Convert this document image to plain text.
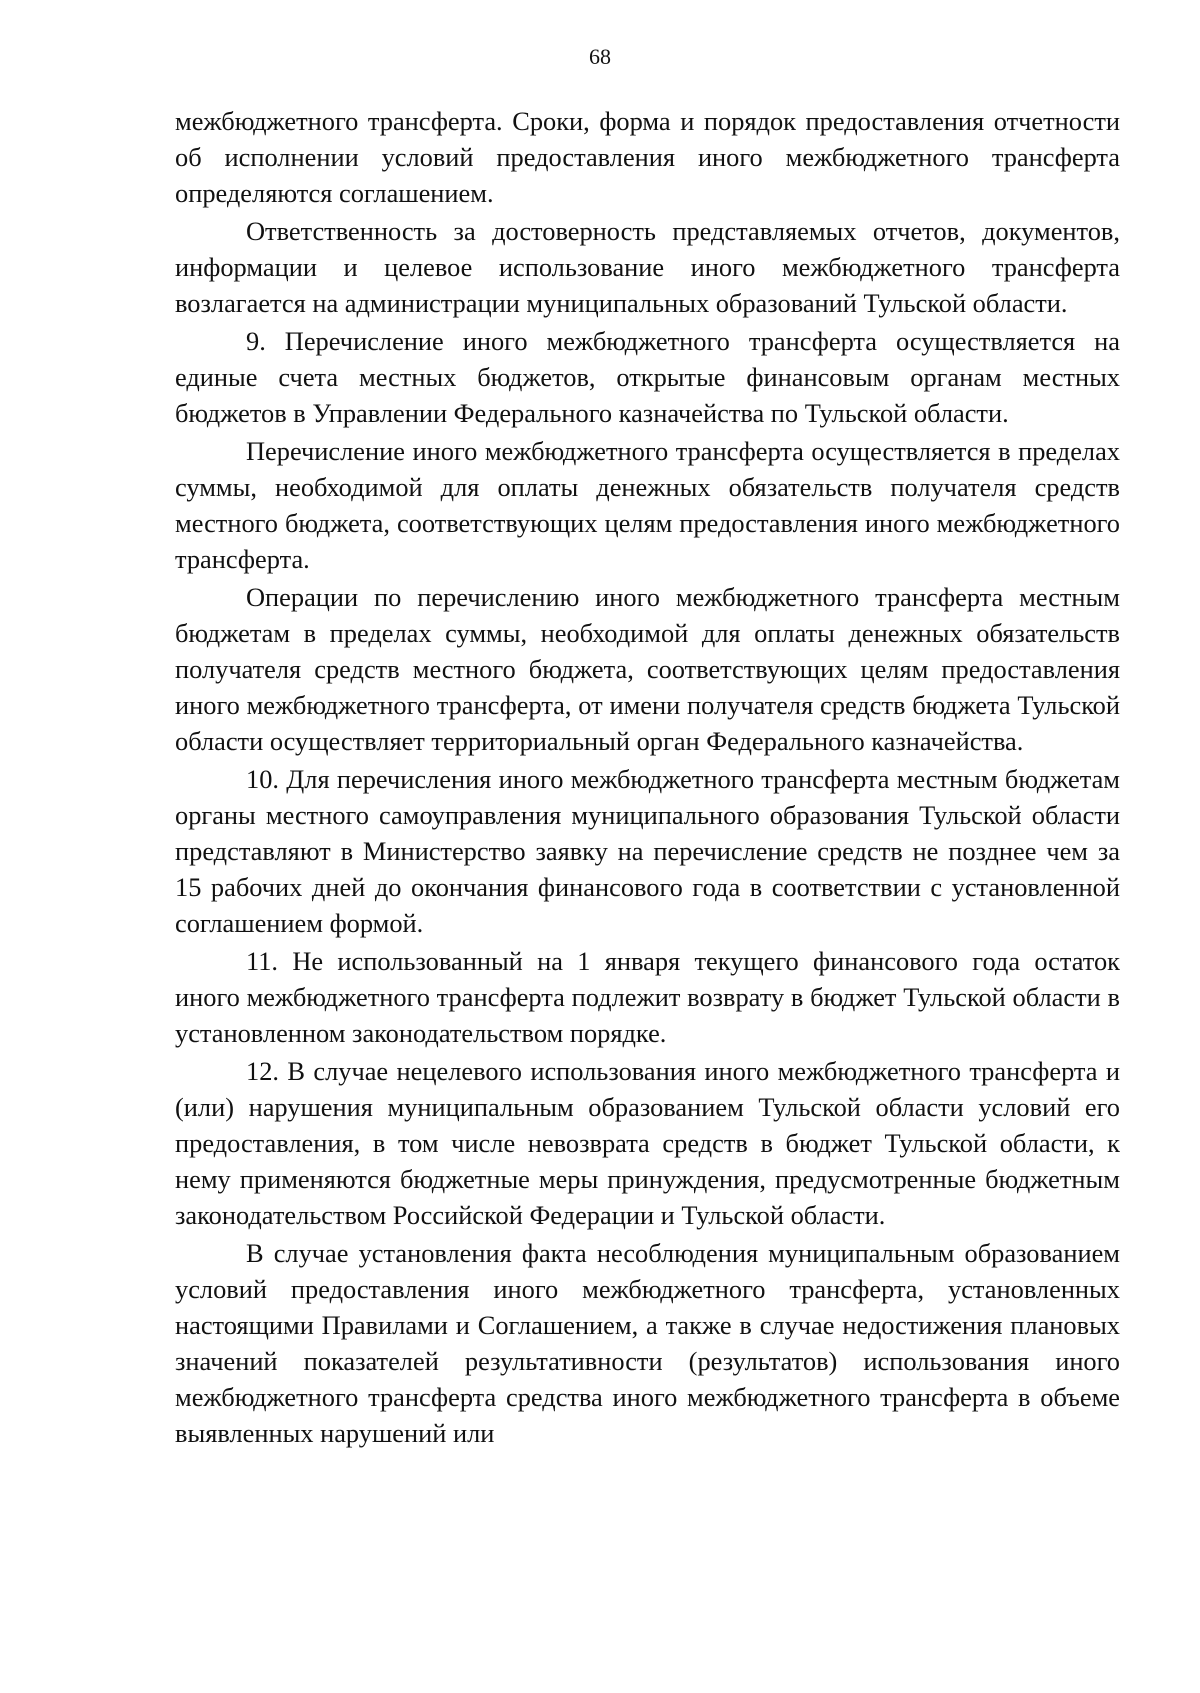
68

межбюджетного трансферта. Сроки, форма и порядок предоставления отчетности об исполнении условий предоставления иного межбюджетного трансферта определяются соглашением.

Ответственность за достоверность представляемых отчетов, документов, информации и целевое использование иного межбюджетного трансферта возлагается на администрации муниципальных образований Тульской области.

9. Перечисление иного межбюджетного трансферта осуществляется на единые счета местных бюджетов, открытые финансовым органам местных бюджетов в Управлении Федерального казначейства по Тульской области.

Перечисление иного межбюджетного трансферта осуществляется в пределах суммы, необходимой для оплаты денежных обязательств получателя средств местного бюджета, соответствующих целям предоставления иного межбюджетного трансферта.

Операции по перечислению иного межбюджетного трансферта местным бюджетам в пределах суммы, необходимой для оплаты денежных обязательств получателя средств местного бюджета, соответствующих целям предоставления иного межбюджетного трансферта, от имени получателя средств бюджета Тульской области осуществляет территориальный орган Федерального казначейства.

10. Для перечисления иного межбюджетного трансферта местным бюджетам органы местного самоуправления муниципального образования Тульской области представляют в Министерство заявку на перечисление средств не позднее чем за 15 рабочих дней до окончания финансового года в соответствии с установленной соглашением формой.

11. Не использованный на 1 января текущего финансового года остаток иного межбюджетного трансферта подлежит возврату в бюджет Тульской области в установленном законодательством порядке.

12. В случае нецелевого использования иного межбюджетного трансферта и (или) нарушения муниципальным образованием Тульской области условий его предоставления, в том числе невозврата средств в бюджет Тульской области, к нему применяются бюджетные меры принуждения, предусмотренные бюджетным законодательством Российской Федерации и Тульской области.

В случае установления факта несоблюдения муниципальным образованием условий предоставления иного межбюджетного трансферта, установленных настоящими Правилами и Соглашением, а также в случае недостижения плановых значений показателей результативности (результатов) использования иного межбюджетного трансферта средства иного межбюджетного трансферта в объеме выявленных нарушений или
